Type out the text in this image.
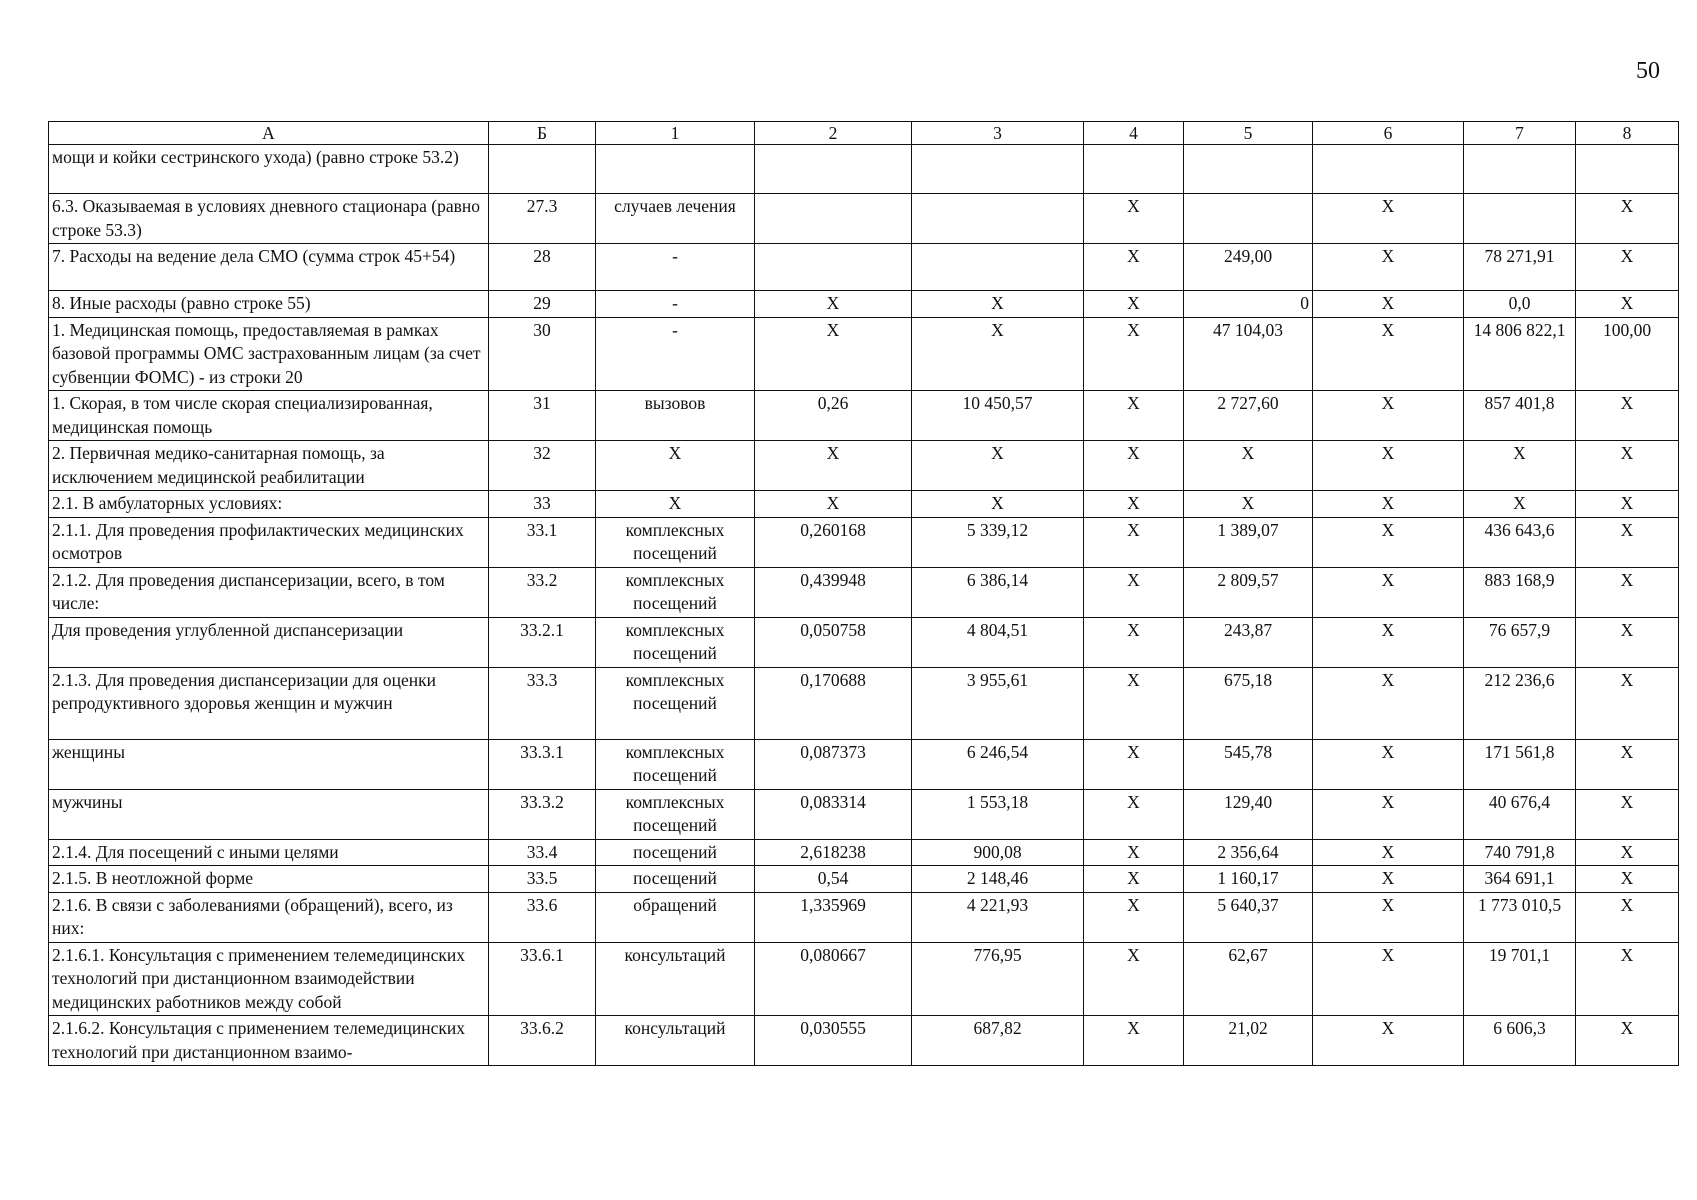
50
А	Б	1	2	3	4	5	6	7	8
мощи и койки сестринского ухода) (равно строке 53.2)									
6.3. Оказываемая в условиях дневного стационара (равно строке 53.3)	27.3	случаев лечения			X		X		X
7. Расходы на ведение дела СМО (сумма строк 45+54)	28	-			X	249,00	X	78 271,91	X
8. Иные расходы (равно строке 55)	29	-	X	X	X	0	X	0,0	X
1. Медицинская помощь, предоставляемая в рамках базовой программы ОМС застрахованным лицам (за счет субвенции ФОМС) - из строки 20	30	-	X	X	X	47 104,03	X	14 806 822,1	100,00
1. Скорая, в том числе скорая специализированная, медицинская помощь	31	вызовов	0,26	10 450,57	X	2 727,60	X	857 401,8	X
2. Первичная медико-санитарная помощь, за исключением медицинской реабилитации	32	X	X	X	X	X	X	X	X
2.1. В амбулаторных условиях:	33	X	X	X	X	X	X	X	X
2.1.1. Для проведения профилактических медицинских осмотров	33.1	комплексных посещений	0,260168	5 339,12	X	1 389,07	X	436 643,6	X
2.1.2. Для проведения диспансеризации, всего, в том числе:	33.2	комплексных посещений	0,439948	6 386,14	X	2 809,57	X	883 168,9	X
Для проведения углубленной диспансеризации	33.2.1	комплексных посещений	0,050758	4 804,51	X	243,87	X	76 657,9	X
2.1.3. Для проведения диспансеризации для оценки репродуктивного здоровья женщин и мужчин	33.3	комплексных посещений	0,170688	3 955,61	X	675,18	X	212 236,6	X
женщины	33.3.1	комплексных посещений	0,087373	6 246,54	X	545,78	X	171 561,8	X
мужчины	33.3.2	комплексных посещений	0,083314	1 553,18	X	129,40	X	40 676,4	X
2.1.4. Для посещений с иными целями	33.4	посещений	2,618238	900,08	X	2 356,64	X	740 791,8	X
2.1.5. В неотложной форме	33.5	посещений	0,54	2 148,46	X	1 160,17	X	364 691,1	X
2.1.6. В связи с заболеваниями (обращений), всего, из них:	33.6	обращений	1,335969	4 221,93	X	5 640,37	X	1 773 010,5	X
2.1.6.1. Консультация с применением телемедицинских технологий при дистанционном взаимодействии медицинских работников между собой	33.6.1	консультаций	0,080667	776,95	X	62,67	X	19 701,1	X
2.1.6.2. Консультация с применением телемедицинских технологий при дистанционном взаимо-	33.6.2	консультаций	0,030555	687,82	X	21,02	X	6 606,3	X
